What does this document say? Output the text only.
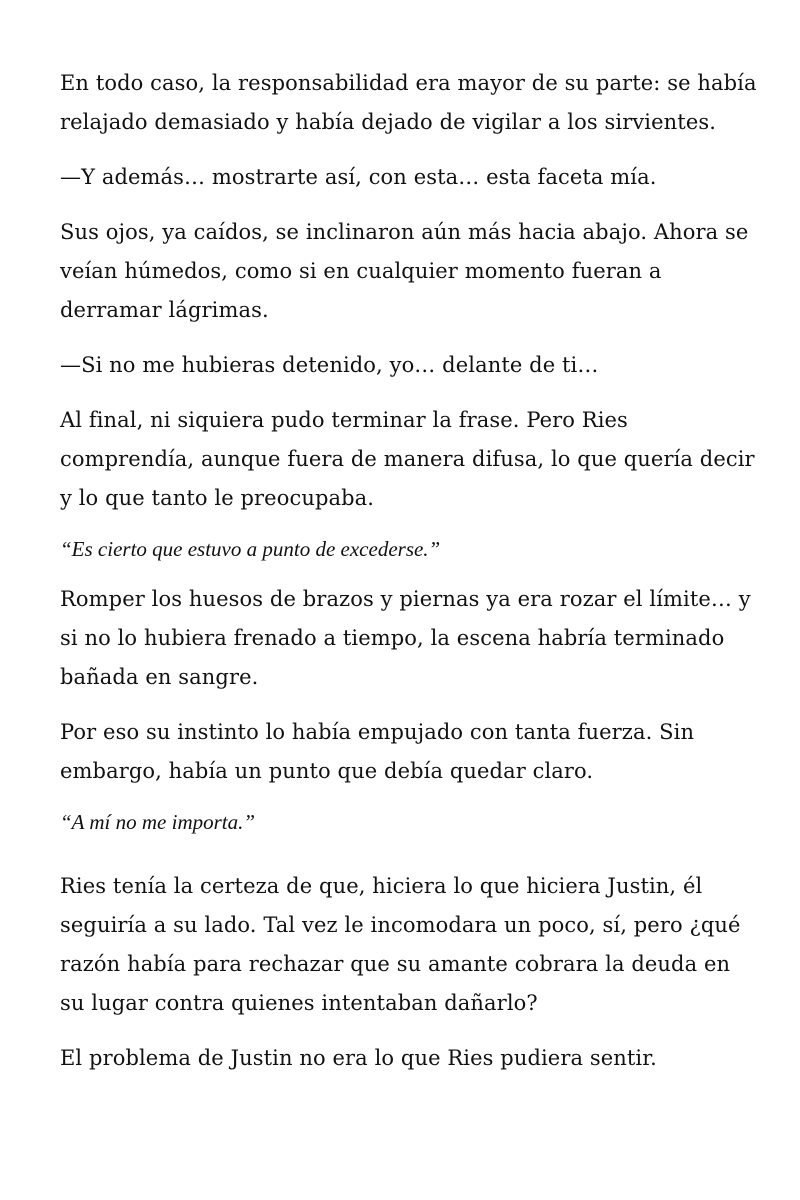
En todo caso, la responsabilidad era mayor de su parte: se había relajado demasiado y había dejado de vigilar a los sirvientes.

—Y además… mostrarte así, con esta… esta faceta mía.

Sus ojos, ya caídos, se inclinaron aún más hacia abajo. Ahora se veían húmedos, como si en cualquier momento fueran a derramar lágrimas.

—Si no me hubieras detenido, yo… delante de ti…

Al final, ni siquiera pudo terminar la frase. Pero Ries comprendía, aunque fuera de manera difusa, lo que quería decir y lo que tanto le preocupaba.

“Es cierto que estuvo a punto de excederse.”

Romper los huesos de brazos y piernas ya era rozar el límite… y si no lo hubiera frenado a tiempo, la escena habría terminado bañada en sangre.

Por eso su instinto lo había empujado con tanta fuerza. Sin embargo, había un punto que debía quedar claro.

“A mí no me importa.”

Ries tenía la certeza de que, hiciera lo que hiciera Justin, él seguiría a su lado. Tal vez le incomodara un poco, sí, pero ¿qué razón había para rechazar que su amante cobrara la deuda en su lugar contra quienes intentaban dañarlo?

El problema de Justin no era lo que Ries pudiera sentir.
